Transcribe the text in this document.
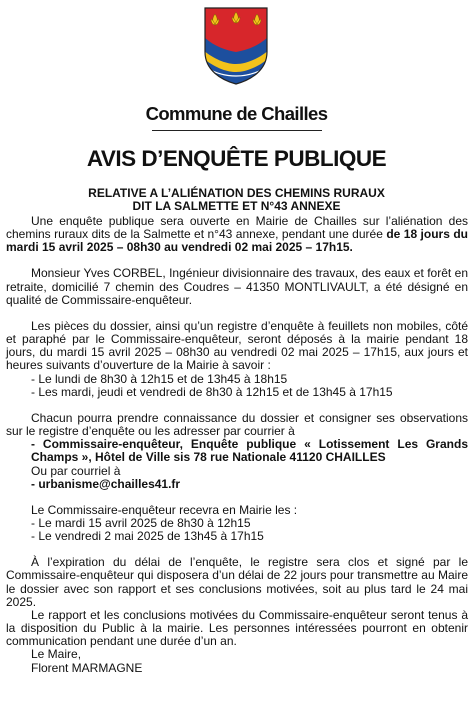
Commune de Chailles
AVIS D’ENQUÊTE PUBLIQUE
RELATIVE A L’ALIÉNATION DES CHEMINS RURAUX
DIT LA SALMETTE ET N°43 ANNEXE

Une enquête publique sera ouverte en Mairie de Chailles sur l’aliénation des chemins ruraux dits de la Salmette et n°43 annexe, pendant une durée de 18 jours du mardi 15 avril 2025 – 08h30 au vendredi 02 mai 2025 – 17h15.

Monsieur Yves CORBEL, Ingénieur divisionnaire des travaux, des eaux et forêt en retraite, domicilié 7 chemin des Coudres – 41350 MONTLIVAULT, a été désigné en qualité de Commissaire-enquêteur.

Les pièces du dossier, ainsi qu’un registre d’enquête à feuillets non mobiles, côté et paraphé par le Commissaire-enquêteur, seront déposés à la mairie pendant 18 jours, du mardi 15 avril 2025 – 08h30 au vendredi 02 mai 2025 – 17h15, aux jours et heures suivants d’ouverture de la Mairie à savoir :

- Le lundi de 8h30 à 12h15 et de 13h45 à 18h15

- Les mardi, jeudi et vendredi de 8h30 à 12h15 et de 13h45 à 17h15

Chacun pourra prendre connaissance du dossier et consigner ses observations sur le registre d’enquête ou les adresser par courrier à

- Commissaire-enquêteur, Enquête publique « Lotissement Les Grands Champs », Hôtel de Ville sis 78 rue Nationale 41120 CHAILLES

Ou par courriel à

- urbanisme@chailles41.fr

Le Commissaire-enquêteur recevra en Mairie les :

- Le mardi 15 avril 2025 de 8h30 à 12h15

- Le vendredi 2 mai 2025 de 13h45 à 17h15

À l’expiration du délai de l’enquête, le registre sera clos et signé par le Commissaire-enquêteur qui disposera d’un délai de 22 jours pour transmettre au Maire le dossier avec son rapport et ses conclusions motivées, soit au plus tard le 24 mai 2025.

Le rapport et les conclusions motivées du Commissaire-enquêteur seront tenus à la disposition du Public à la mairie. Les personnes intéressées pourront en obtenir communication pendant une durée d’un an.

Le Maire,

Florent MARMAGNE
